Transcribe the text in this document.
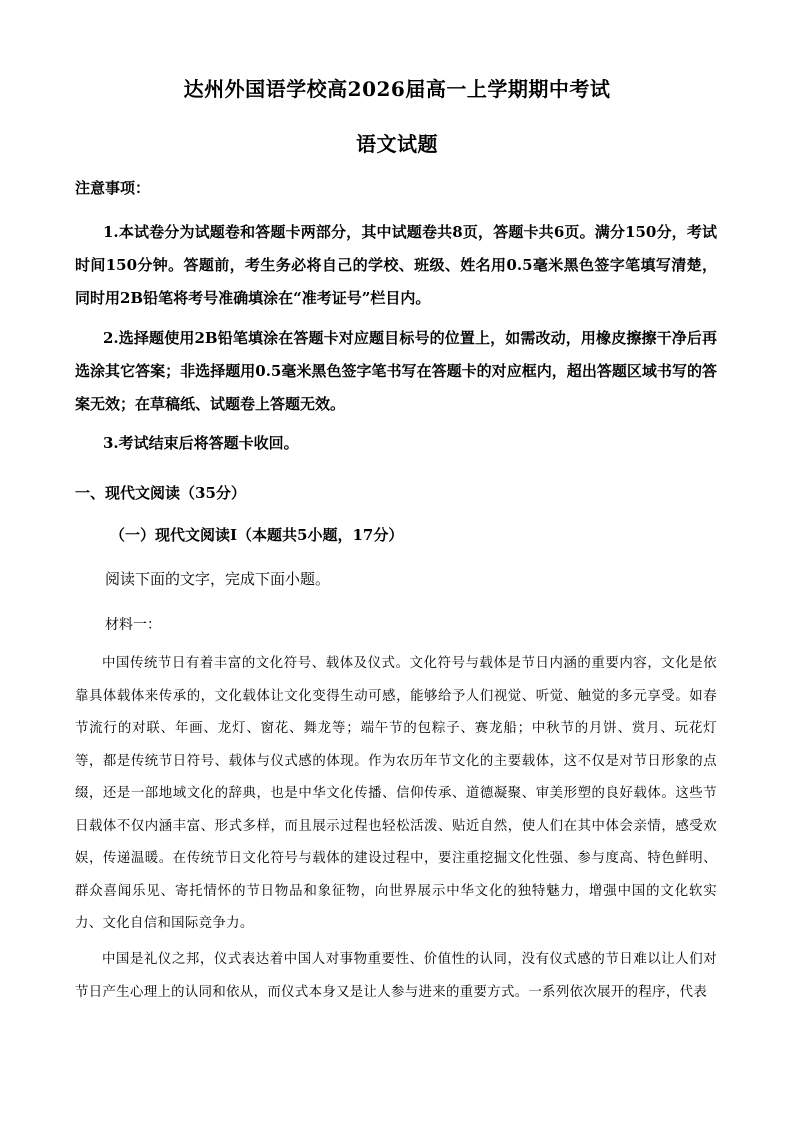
达州外国语学校高2026届高一上学期期中考试
语文试题
注意事项：
1.本试卷分为试题卷和答题卡两部分，其中试题卷共8页，答题卡共6页。满分150分，考试时间150分钟。答题前，考生务必将自己的学校、班级、姓名用0.5毫米黑色签字笔填写清楚，同时用2B铅笔将考号准确填涂在“准考证号”栏目内。
2.选择题使用2B铅笔填涂在答题卡对应题目标号的位置上，如需改动，用橡皮擦擦干净后再选涂其它答案；非选择题用0.5毫米黑色签字笔书写在答题卡的对应框内，超出答题区域书写的答案无效；在草稿纸、试题卷上答题无效。
3.考试结束后将答题卡收回。
一、现代文阅读（35分）
（一）现代文阅读Ⅰ（本题共5小题，17分）
阅读下面的文字，完成下面小题。
材料一：
中国传统节日有着丰富的文化符号、载体及仪式。文化符号与载体是节日内涵的重要内容，文化是依靠具体载体来传承的，文化载体让文化变得生动可感，能够给予人们视觉、听觉、触觉的多元享受。如春节流行的对联、年画、龙灯、窗花、舞龙等；端午节的包粽子、赛龙船；中秋节的月饼、赏月、玩花灯等，都是传统节日符号、载体与仪式感的体现。作为农历年节文化的主要载体，这不仅是对节日形象的点缀，还是一部地域文化的辞典，也是中华文化传播、信仰传承、道德凝聚、审美形塑的良好载体。这些节日载体不仅内涵丰富、形式多样，而且展示过程也轻松活泼、贴近自然，使人们在其中体会亲情，感受欢娱，传递温暖。在传统节日文化符号与载体的建设过程中，要注重挖掘文化性强、参与度高、特色鲜明、群众喜闻乐见、寄托情怀的节日物品和象征物，向世界展示中华文化的独特魅力，增强中国的文化软实力、文化自信和国际竞争力。
中国是礼仪之邦，仪式表达着中国人对事物重要性、价值性的认同，没有仪式感的节日难以让人们对节日产生心理上的认同和依从，而仪式本身又是让人参与进来的重要方式。一系列依次展开的程序，代表
